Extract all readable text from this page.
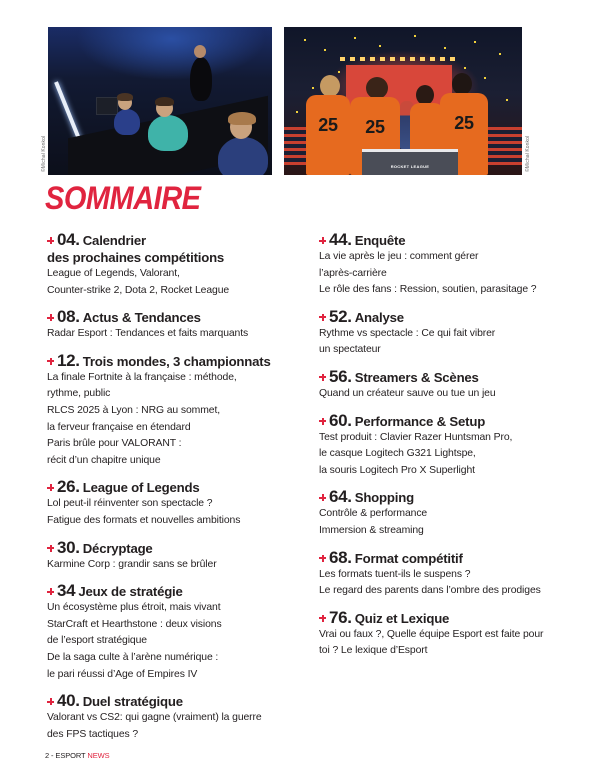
25	25	25
ROCKET LEAGUE
©Michał Konkol	©Michał Konkol
SOMMAIRE
04. Calendrier
des prochaines compétitions
League of Legends, Valorant,
Counter-strike 2, Dota 2, Rocket League
08. Actus & Tendances
Radar Esport : Tendances et faits marquants
12. Trois mondes, 3 championnats
La finale Fortnite à la française : méthode,
rythme, public
RLCS 2025 à Lyon : NRG au sommet,
la ferveur française en étendard
Paris brûle pour VALORANT :
récit d’un chapitre unique
26. League of Legends
Lol peut-il réinventer son spectacle ?
Fatigue des formats et nouvelles ambitions
30. Décryptage
Karmine Corp : grandir sans se brûler
34 Jeux de stratégie
Un écosystème plus étroit, mais vivant
StarCraft et Hearthstone : deux visions
de l’esport stratégique
De la saga culte à l’arène numérique :
le pari réussi d’Age of Empires IV
40. Duel stratégique
Valorant vs CS2: qui gagne (vraiment) la guerre
des FPS tactiques ?
44. Enquête
La vie après le jeu : comment gérer
l’après-carrière
Le rôle des fans : Ression, soutien, parasitage ?
52. Analyse
Rythme vs spectacle : Ce qui fait vibrer
un spectateur
56. Streamers & Scènes
Quand un créateur sauve ou tue un jeu
60. Performance & Setup
Test produit : Clavier Razer Huntsman Pro,
le casque Logitech G321 Lightspe,
la souris Logitech Pro X Superlight
64. Shopping
Contrôle & performance
Immersion & streaming
68. Format compétitif
Les formats tuent-ils le suspens ?
Le regard des parents dans l’ombre des prodiges
76. Quiz et Lexique
Vrai ou faux ?, Quelle équipe Esport est faite pour
toi ? Le lexique d’Esport
2 - ESPORT NEWS
